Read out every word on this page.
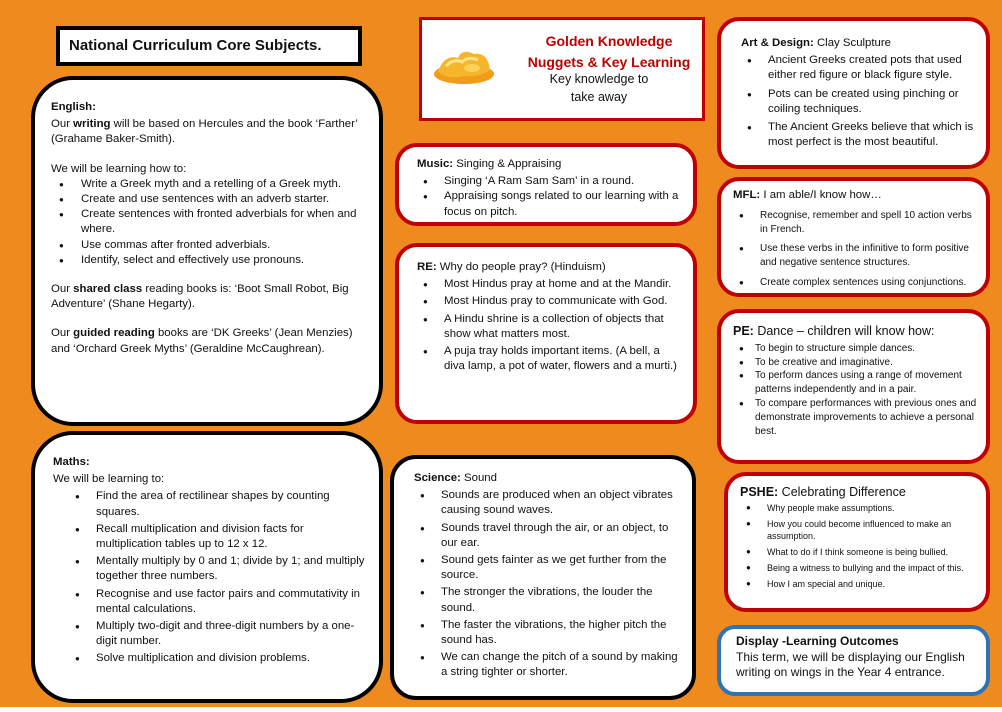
National Curriculum Core Subjects.	Golden Knowledge
Nuggets & Key Learning
Key knowledge to
take away

English:

Our writing will be based on Hercules and the book ‘Farther’ (Grahame Baker-Smith).

We will be learning how to:

● Write a Greek myth and a retelling of a Greek myth.
● Create and use sentences with an adverb starter.
● Create sentences with fronted adverbials for when and where.
● Use commas after fronted adverbials.
● Identify, select and effectively use pronouns.

Our shared class reading books is: ‘Boot Small Robot, Big Adventure’ (Shane Hegarty).

Our guided reading books are ‘DK Greeks’ (Jean Menzies) and ‘Orchard Greek Myths’ (Geraldine McCaughrean).

Maths:

We will be learning to:

● Find the area of rectilinear shapes by counting squares.
● Recall multiplication and division facts for multiplication tables up to 12 x 12.
● Mentally multiply by 0 and 1; divide by 1; and multiply together three numbers.
● Recognise and use factor pairs and commutativity in mental calculations.
● Multiply two-digit and three-digit numbers by a one-digit number.
● Solve multiplication and division problems.

Music: Singing & Appraising

● Singing ‘A Ram Sam Sam’ in a round.
● Appraising songs related to our learning with a focus on pitch.

RE: Why do people pray? (Hinduism)

● Most Hindus pray at home and at the Mandir.
● Most Hindus pray to communicate with God.
● A Hindu shrine is a collection of objects that show what matters most.
● A puja tray holds important items. (A bell, a diva lamp, a pot of water, flowers and a murti.)

Science: Sound

● Sounds are produced when an object vibrates causing sound waves.
● Sounds travel through the air, or an object, to our ear.
● Sound gets fainter as we get further from the source.
● The stronger the vibrations, the louder the sound.
● The faster the vibrations, the higher pitch the sound has.
● We can change the pitch of a sound by making a string tighter or shorter.

Art & Design: Clay Sculpture

● Ancient Greeks created pots that used either red figure or black figure style.
● Pots can be created using pinching or coiling techniques.
● The Ancient Greeks believe that which is most perfect is the most beautiful.

MFL: I am able/I know how…

● Recognise, remember and spell 10 action verbs in French.
● Use these verbs in the infinitive to form positive and negative sentence structures.
● Create complex sentences using conjunctions.

PE: Dance – children will know how:

● To begin to structure simple dances.
● To be creative and imaginative.
● To perform dances using a range of movement patterns independently and in a pair.
● To compare performances with previous ones and demonstrate improvements to achieve a personal best.

PSHE: Celebrating Difference

● Why people make assumptions.
● How you could become influenced to make an assumption.
● What to do if I think someone is being bullied.
● Being a witness to bullying and the impact of this.
● How I am special and unique.

Display -Learning Outcomes

This term, we will be displaying our English writing on wings in the Year 4 entrance.
